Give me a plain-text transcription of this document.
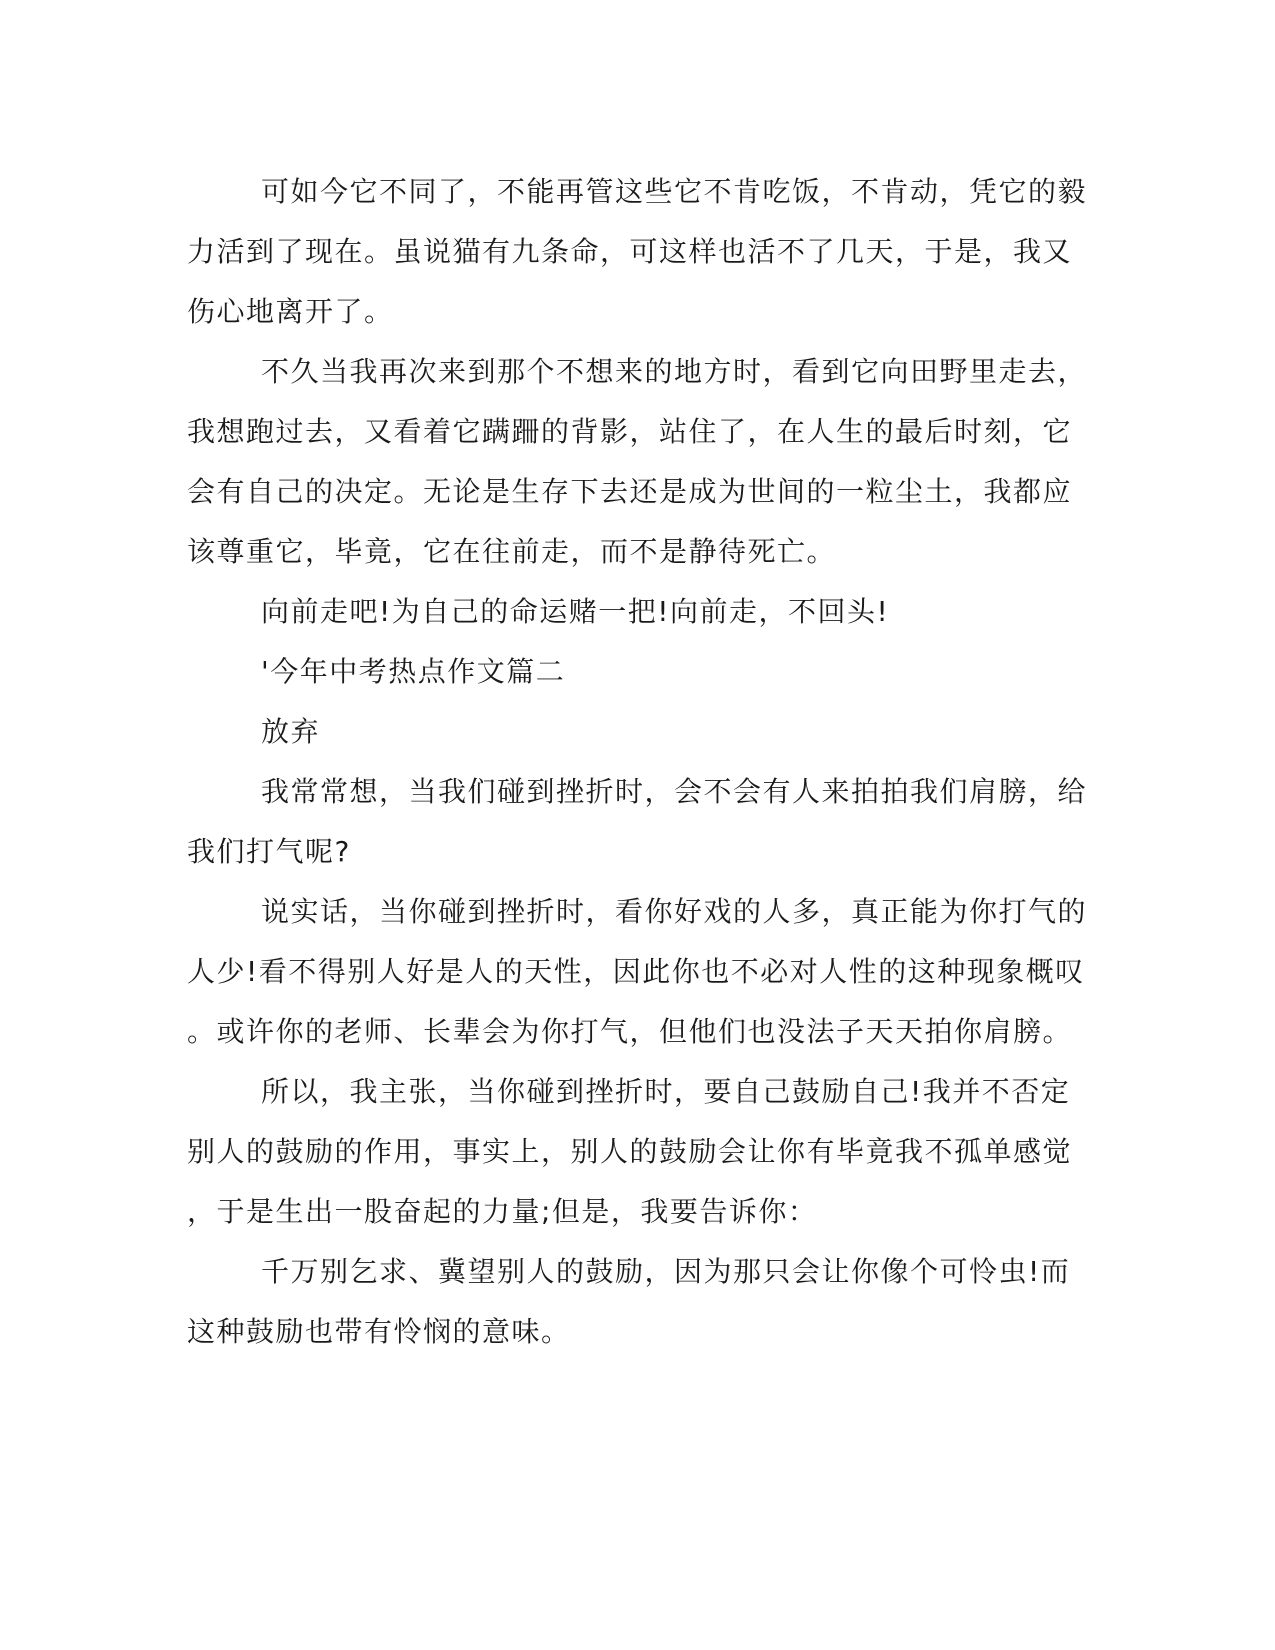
可如今它不同了，不能再管这些它不肯吃饭，不肯动，凭它的毅
力活到了现在。虽说猫有九条命，可这样也活不了几天，于是，我又
伤心地离开了。
不久当我再次来到那个不想来的地方时，看到它向田野里走去，
我想跑过去，又看着它蹒跚的背影，站住了，在人生的最后时刻，它
会有自己的决定。无论是生存下去还是成为世间的一粒尘土，我都应
该尊重它，毕竟，它在往前走，而不是静待死亡。
向前走吧!为自己的命运赌一把!向前走，不回头!
'今年中考热点作文篇二
放弃
我常常想，当我们碰到挫折时，会不会有人来拍拍我们肩膀，给
我们打气呢?
说实话，当你碰到挫折时，看你好戏的人多，真正能为你打气的
人少!看不得别人好是人的天性，因此你也不必对人性的这种现象概叹
。或许你的老师、长辈会为你打气，但他们也没法子天天拍你肩膀。
所以，我主张，当你碰到挫折时，要自己鼓励自己!我并不否定
别人的鼓励的作用，事实上，别人的鼓励会让你有毕竟我不孤单感觉
，于是生出一股奋起的力量;但是，我要告诉你：
千万别乞求、冀望别人的鼓励，因为那只会让你像个可怜虫!而
这种鼓励也带有怜悯的意味。
